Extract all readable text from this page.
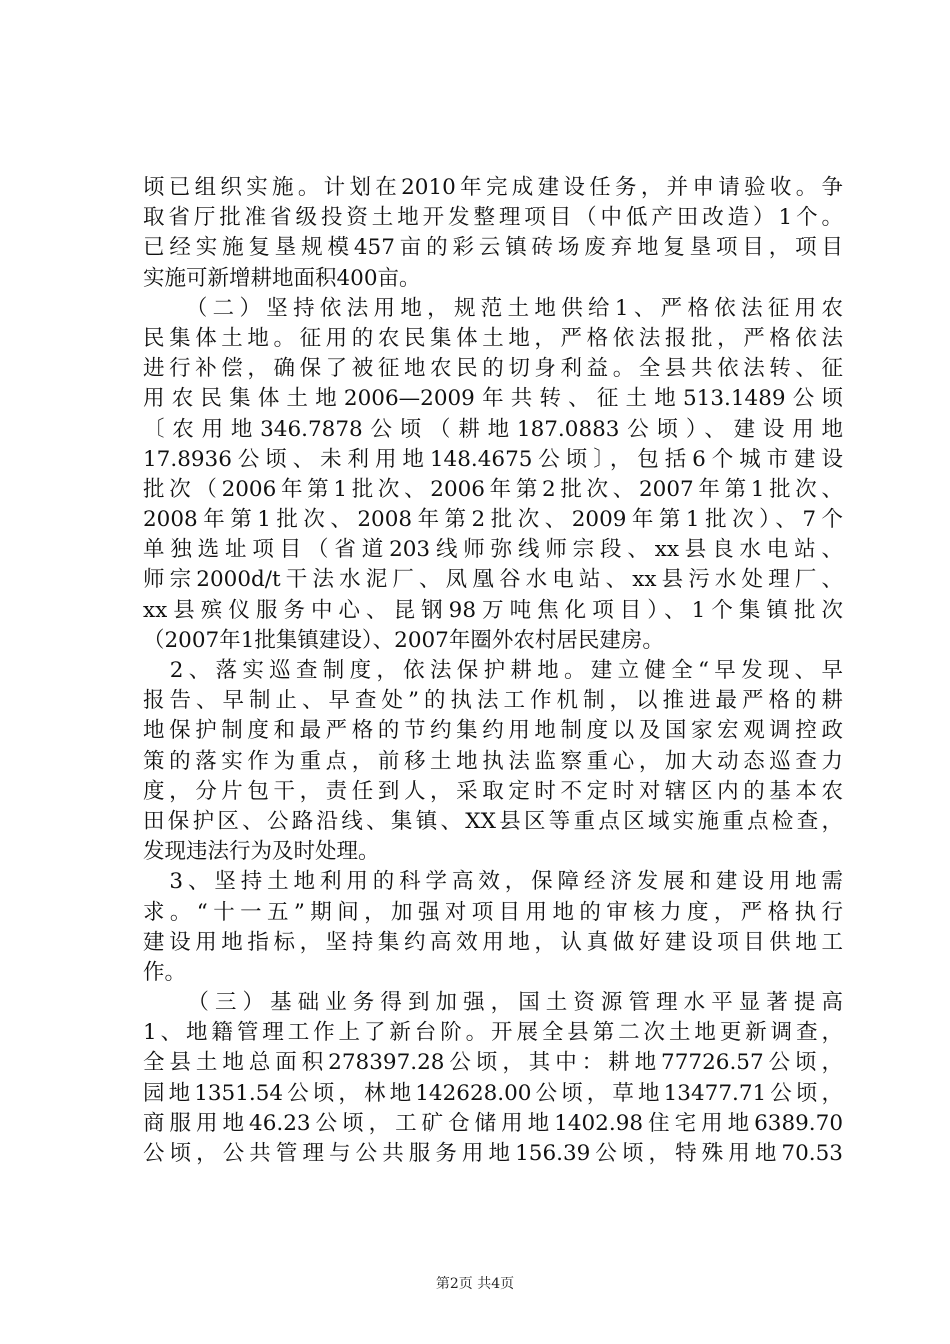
顷已组织实施。计划在2010年完成建设任务，并申请验收。争
取省厅批准省级投资土地开发整理项目（中低产田改造）1个。
已经实施复垦规模457亩的彩云镇砖场废弃地复垦项目，项目
实施可新增耕地面积400亩。
　　（二）坚持依法用地，规范土地供给1、严格依法征用农
民集体土地。征用的农民集体土地，严格依法报批，严格依法
进行补偿，确保了被征地农民的切身利益。全县共依法转、征
用农民集体土地2006—2009年共转、征土地513.1489公顷
〔农用地346.7878公顷（耕地187.0883公顷）、建设用地
17.8936公顷、未利用地148.4675公顷〕，包括6个城市建设
批次（2006年第1批次、2006年第2批次、2007年第1批次、
2008年第1批次、2008年第2批次、2009年第1批次）、7个
单独选址项目（省道203线师弥线师宗段、xx县良水电站、
师宗2000d/t干法水泥厂、凤凰谷水电站、xx县污水处理厂、
xx县殡仪服务中心、昆钢98万吨焦化项目）、1个集镇批次
（2007年1批集镇建设）、2007年圈外农村居民建房。
　2、落实巡查制度，依法保护耕地。建立健全“早发现、早
报告、早制止、早查处”的执法工作机制，以推进最严格的耕
地保护制度和最严格的节约集约用地制度以及国家宏观调控政
策的落实作为重点，前移土地执法监察重心，加大动态巡查力
度，分片包干，责任到人，采取定时不定时对辖区内的基本农
田保护区、公路沿线、集镇、XX县区等重点区域实施重点检查，
发现违法行为及时处理。
　3、坚持土地利用的科学高效，保障经济发展和建设用地需
求。“十一五”期间，加强对项目用地的审核力度，严格执行
建设用地指标，坚持集约高效用地，认真做好建设项目供地工
作。
　　（三）基础业务得到加强，国土资源管理水平显著提高
1、地籍管理工作上了新台阶。开展全县第二次土地更新调查，
全县土地总面积278397.28公顷，其中：耕地77726.57公顷，
园地1351.54公顷，林地142628.00公顷，草地13477.71公顷，
商服用地46.23公顷，工矿仓储用地1402.98住宅用地6389.70
公顷，公共管理与公共服务用地156.39公顷，特殊用地70.53
第2页 共4页
